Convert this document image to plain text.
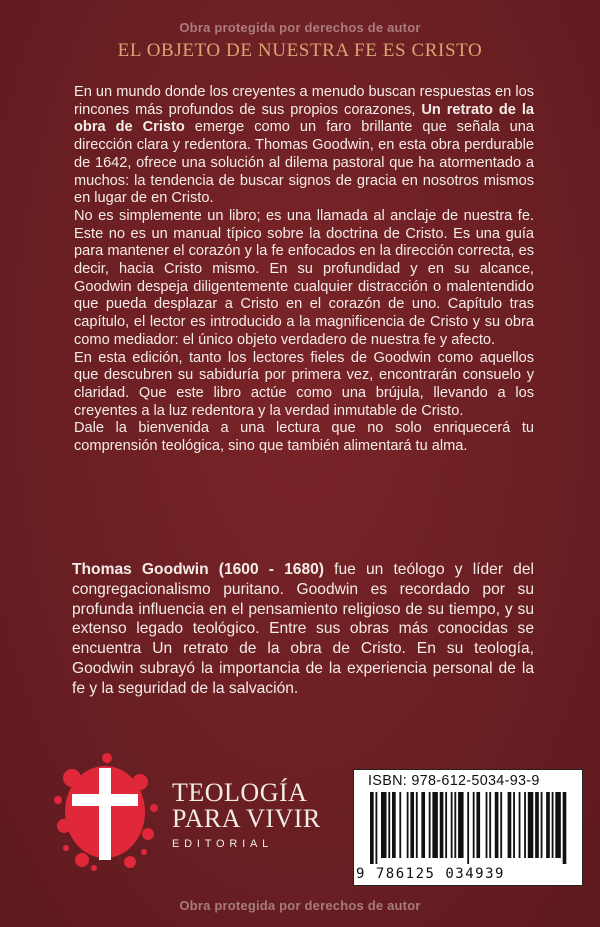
Obra protegida por derechos de autor
EL OBJETO DE NUESTRA FE ES CRISTO

En un mundo donde los creyentes a menudo buscan respuestas en los rincones más profundos de sus propios corazones, Un retrato de la obra de Cristo emerge como un faro brillante que señala una dirección clara y redentora. Thomas Goodwin, en esta obra perdurable de 1642, ofrece una solución al dilema pastoral que ha atormentado a muchos: la tendencia de buscar signos de gracia en nosotros mismos en lugar de en Cristo.

No es simplemente un libro; es una llamada al anclaje de nuestra fe. Este no es un manual típico sobre la doctrina de Cristo. Es una guía para mantener el corazón y la fe enfocados en la dirección correcta, es decir, hacia Cristo mismo. En su profundidad y en su alcance, Goodwin despeja diligentemente cualquier distracción o malentendido que pueda desplazar a Cristo en el corazón de uno. Capítulo tras capítulo, el lector es introducido a la magnificencia de Cristo y su obra como mediador: el único objeto verdadero de nuestra fe y afecto.

En esta edición, tanto los lectores fieles de Goodwin como aquellos que descubren su sabiduría por primera vez, encontrarán consuelo y claridad. Que este libro actúe como una brújula, llevando a los creyentes a la luz redentora y la verdad inmutable de Cristo.

Dale la bienvenida a una lectura que no solo enriquecerá tu comprensión teológica, sino que también alimentará tu alma.

Thomas Goodwin (1600 - 1680) fue un teólogo y líder del congregacionalismo puritano. Goodwin es recordado por su profunda influencia en el pensamiento religioso de su tiempo, y su extenso legado teológico. Entre sus obras más conocidas se encuentra Un retrato de la obra de Cristo. En su teología, Goodwin subrayó la importancia de la experiencia personal de la fe y la seguridad de la salvación.
TEOLOGÍA
PARA VIVIR
EDITORIAL
ISBN: 978-612-5034-93-9
9 786125 034939
Obra protegida por derechos de autor
